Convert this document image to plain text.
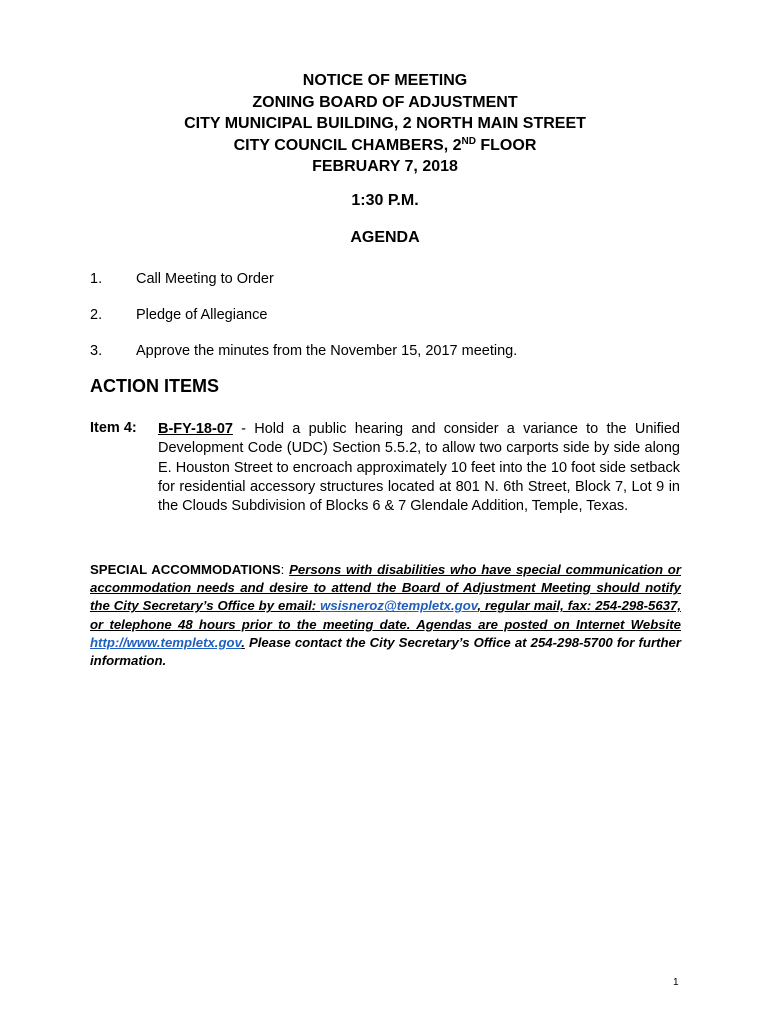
NOTICE OF MEETING
ZONING BOARD OF ADJUSTMENT
CITY MUNICIPAL BUILDING, 2 NORTH MAIN STREET
CITY COUNCIL CHAMBERS, 2ND FLOOR
FEBRUARY 7, 2018
1:30 P.M.
AGENDA
1. Call Meeting to Order
2. Pledge of Allegiance
3. Approve the minutes from the November 15, 2017 meeting.
ACTION ITEMS
Item 4: B-FY-18-07 - Hold a public hearing and consider a variance to the Unified Development Code (UDC) Section 5.5.2, to allow two carports side by side along E. Houston Street to encroach approximately 10 feet into the 10 foot side setback for residential accessory structures located at 801 N. 6th Street, Block 7, Lot 9 in the Clouds Subdivision of Blocks 6 & 7 Glendale Addition, Temple, Texas.
SPECIAL ACCOMMODATIONS: Persons with disabilities who have special communication or accommodation needs and desire to attend the Board of Adjustment Meeting should notify the City Secretary’s Office by email: wsisneroz@templetx.gov, regular mail, fax: 254-298-5637, or telephone 48 hours prior to the meeting date. Agendas are posted on Internet Website http://www.templetx.gov. Please contact the City Secretary’s Office at 254-298-5700 for further information.
1
